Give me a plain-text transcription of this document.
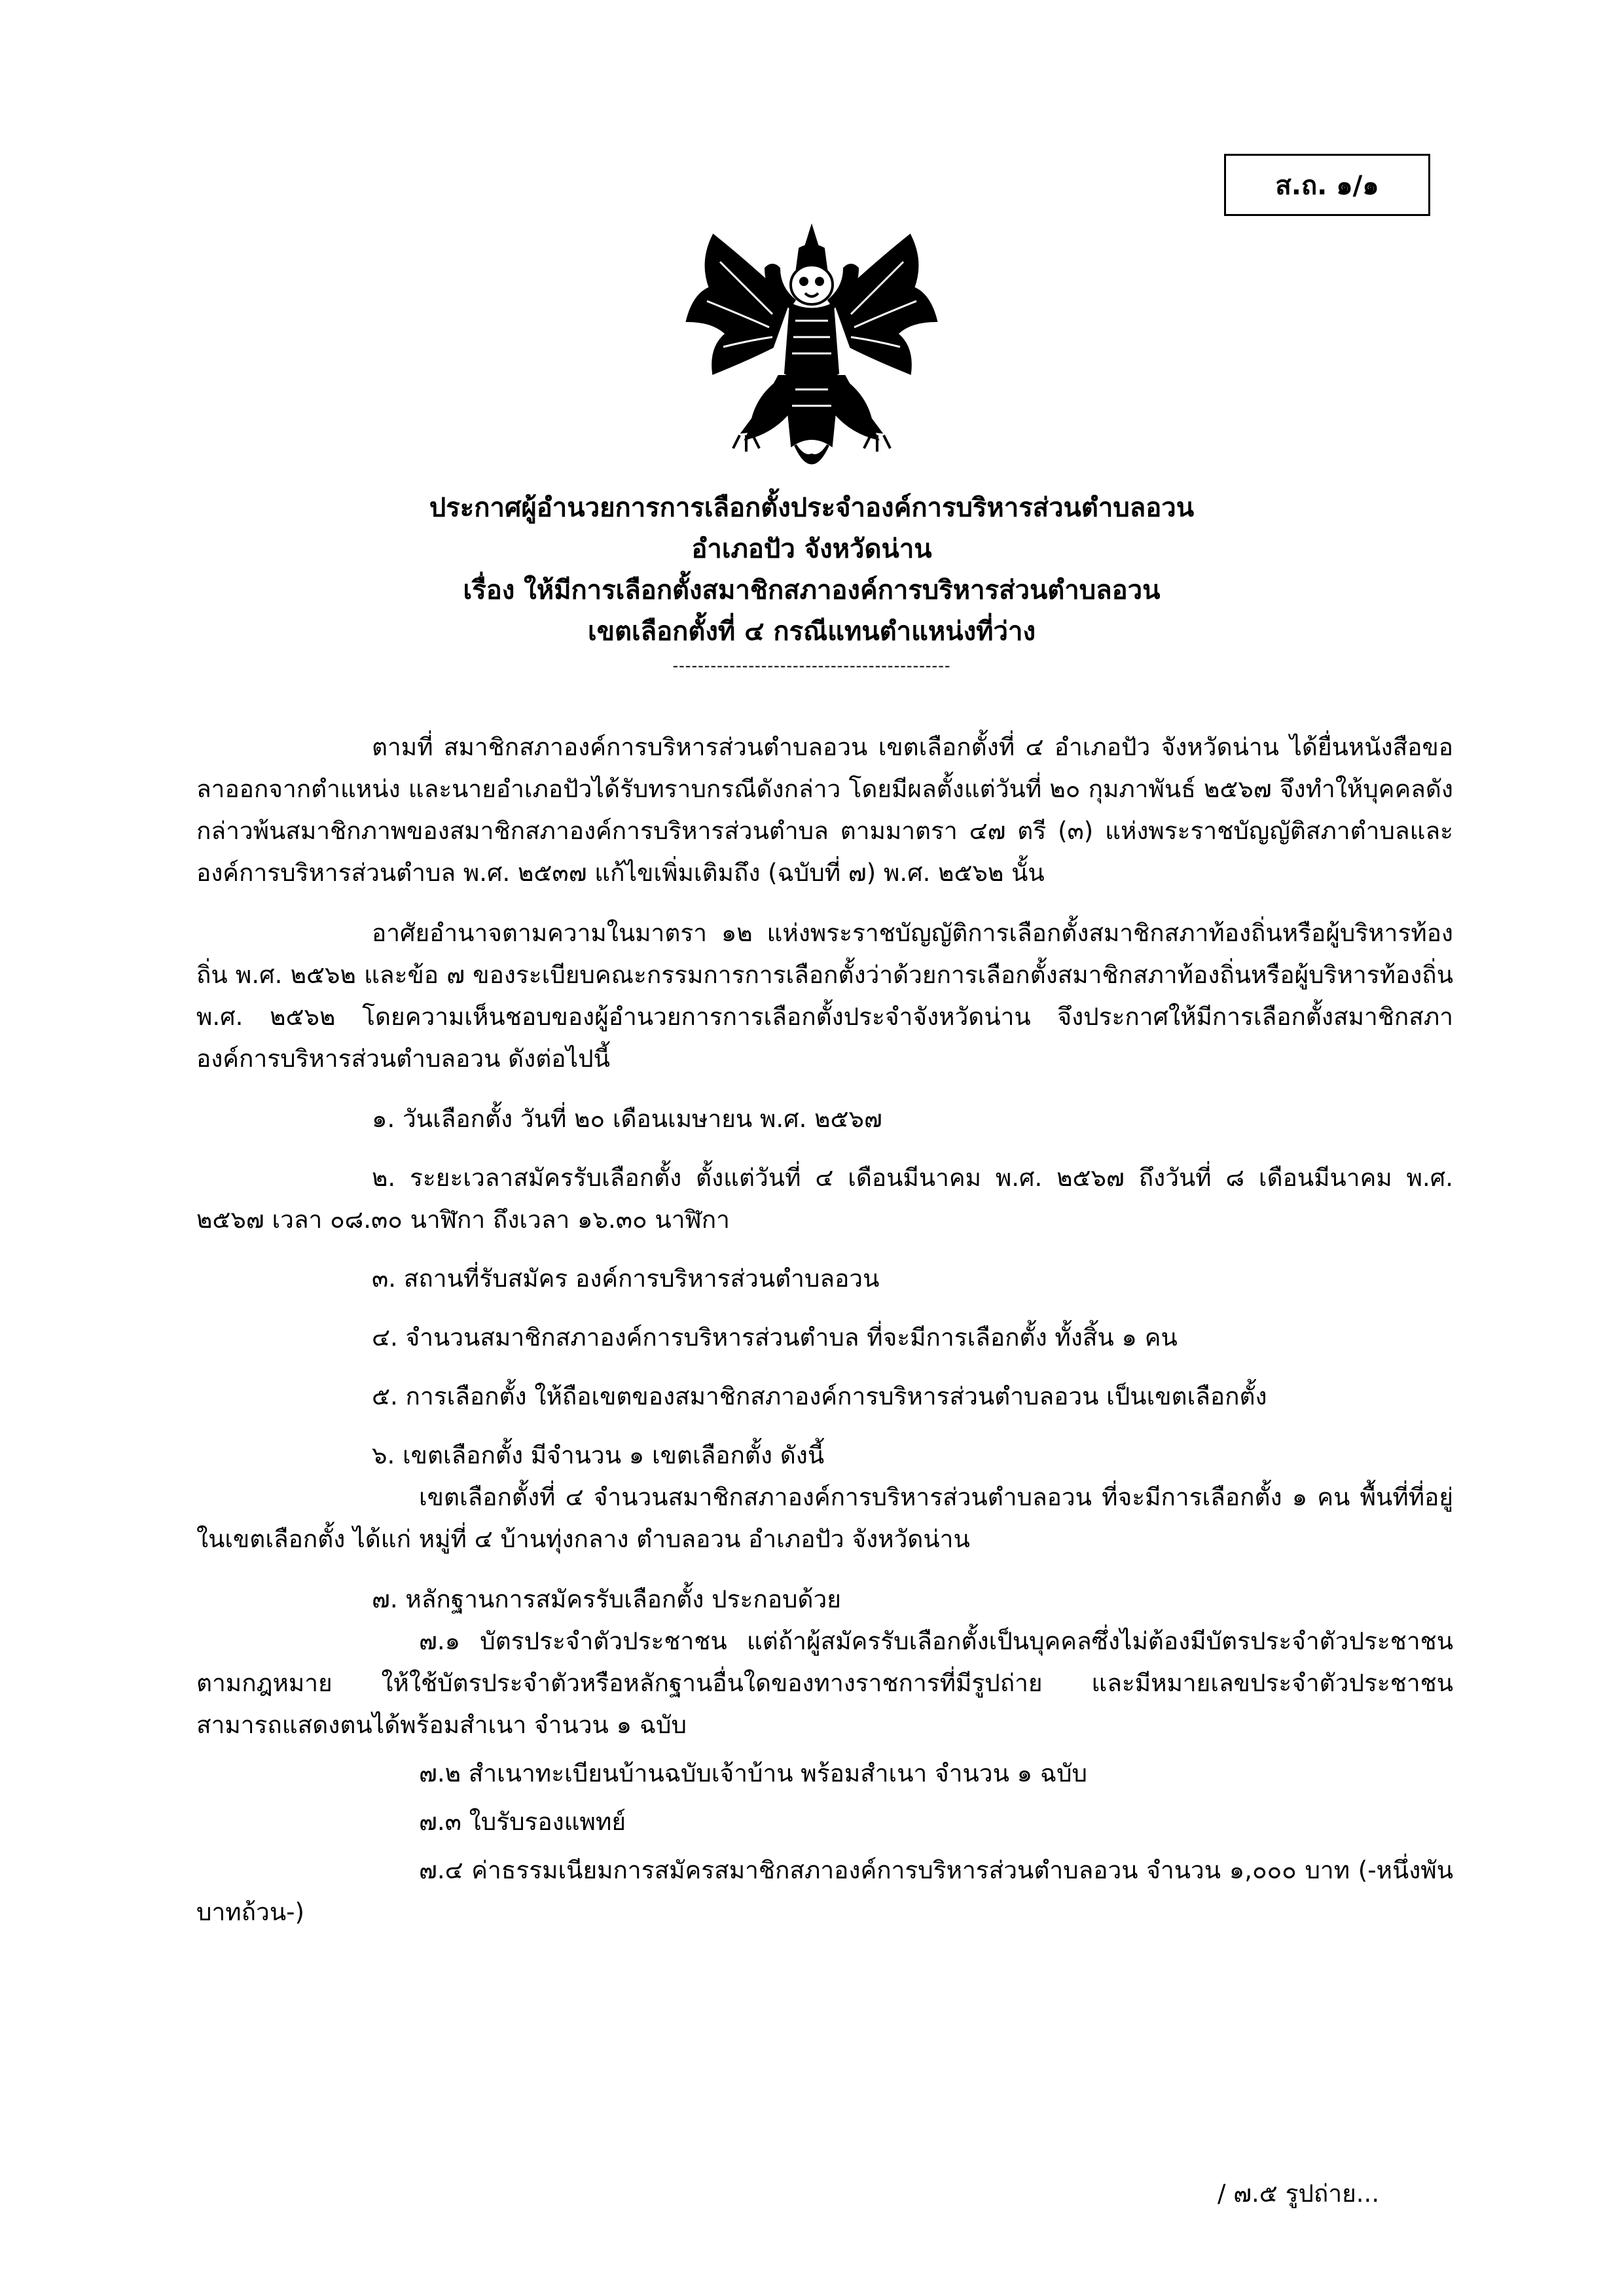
ส.ถ. ๑/๑
ประกาศผู้อำนวยการการเลือกตั้งประจำองค์การบริหารส่วนตำบลอวน
อำเภอปัว จังหวัดน่าน
เรื่อง ให้มีการเลือกตั้งสมาชิกสภาองค์การบริหารส่วนตำบลอวน
เขตเลือกตั้งที่ ๔ กรณีแทนตำแหน่งที่ว่าง
--------------------------------------------

ตามที่ สมาชิกสภาองค์การบริหารส่วนตำบลอวน เขตเลือกตั้งที่ ๔ อำเภอปัว จังหวัดน่าน ได้ยื่นหนังสือขอลาออกจากตำแหน่ง และนายอำเภอปัวได้รับทราบกรณีดังกล่าว โดยมีผลตั้งแต่วันที่ ๒๐ กุมภาพันธ์ ๒๕๖๗ จึงทำให้บุคคลดังกล่าวพ้นสมาชิกภาพของสมาชิกสภาองค์การบริหารส่วนตำบล ตามมาตรา ๔๗ ตรี (๓) แห่งพระราชบัญญัติสภาตำบลและองค์การบริหารส่วนตำบล พ.ศ. ๒๕๓๗ แก้ไขเพิ่มเติมถึง (ฉบับที่ ๗) พ.ศ. ๒๕๖๒ นั้น

อาศัยอำนาจตามความในมาตรา ๑๒ แห่งพระราชบัญญัติการเลือกตั้งสมาชิกสภาท้องถิ่นหรือผู้บริหารท้องถิ่น พ.ศ. ๒๕๖๒ และข้อ ๗ ของระเบียบคณะกรรมการการเลือกตั้งว่าด้วยการเลือกตั้งสมาชิกสภาท้องถิ่นหรือผู้บริหารท้องถิ่น พ.ศ. ๒๕๖๒ โดยความเห็นชอบของผู้อำนวยการการเลือกตั้งประจำจังหวัดน่าน จึงประกาศให้มีการเลือกตั้งสมาชิกสภาองค์การบริหารส่วนตำบลอวน ดังต่อไปนี้

๑. วันเลือกตั้ง วันที่ ๒๐ เดือนเมษายน พ.ศ. ๒๕๖๗

๒. ระยะเวลาสมัครรับเลือกตั้ง ตั้งแต่วันที่ ๔ เดือนมีนาคม พ.ศ. ๒๕๖๗ ถึงวันที่ ๘ เดือนมีนาคม พ.ศ. ๒๕๖๗ เวลา ๐๘.๓๐ นาฬิกา ถึงเวลา ๑๖.๓๐ นาฬิกา

๓. สถานที่รับสมัคร องค์การบริหารส่วนตำบลอวน

๔. จำนวนสมาชิกสภาองค์การบริหารส่วนตำบล ที่จะมีการเลือกตั้ง ทั้งสิ้น ๑ คน

๕. การเลือกตั้ง ให้ถือเขตของสมาชิกสภาองค์การบริหารส่วนตำบลอวน เป็นเขตเลือกตั้ง

๖. เขตเลือกตั้ง มีจำนวน ๑ เขตเลือกตั้ง ดังนี้

เขตเลือกตั้งที่ ๔ จำนวนสมาชิกสภาองค์การบริหารส่วนตำบลอวน ที่จะมีการเลือกตั้ง ๑ คน พื้นที่ที่อยู่ในเขตเลือกตั้ง ได้แก่ หมู่ที่ ๔ บ้านทุ่งกลาง ตำบลอวน อำเภอปัว จังหวัดน่าน

๗. หลักฐานการสมัครรับเลือกตั้ง ประกอบด้วย

๗.๑ บัตรประจำตัวประชาชน แต่ถ้าผู้สมัครรับเลือกตั้งเป็นบุคคลซึ่งไม่ต้องมีบัตรประจำตัวประชาชนตามกฎหมาย ให้ใช้บัตรประจำตัวหรือหลักฐานอื่นใดของทางราชการที่มีรูปถ่าย และมีหมายเลขประจำตัวประชาชนสามารถแสดงตนได้พร้อมสำเนา จำนวน ๑ ฉบับ

๗.๒ สำเนาทะเบียนบ้านฉบับเจ้าบ้าน พร้อมสำเนา จำนวน ๑ ฉบับ

๗.๓ ใบรับรองแพทย์

๗.๔ ค่าธรรมเนียมการสมัครสมาชิกสภาองค์การบริหารส่วนตำบลอวน จำนวน ๑,๐๐๐ บาท (-หนึ่งพันบาทถ้วน-)

/ ๗.๕ รูปถ่าย...
